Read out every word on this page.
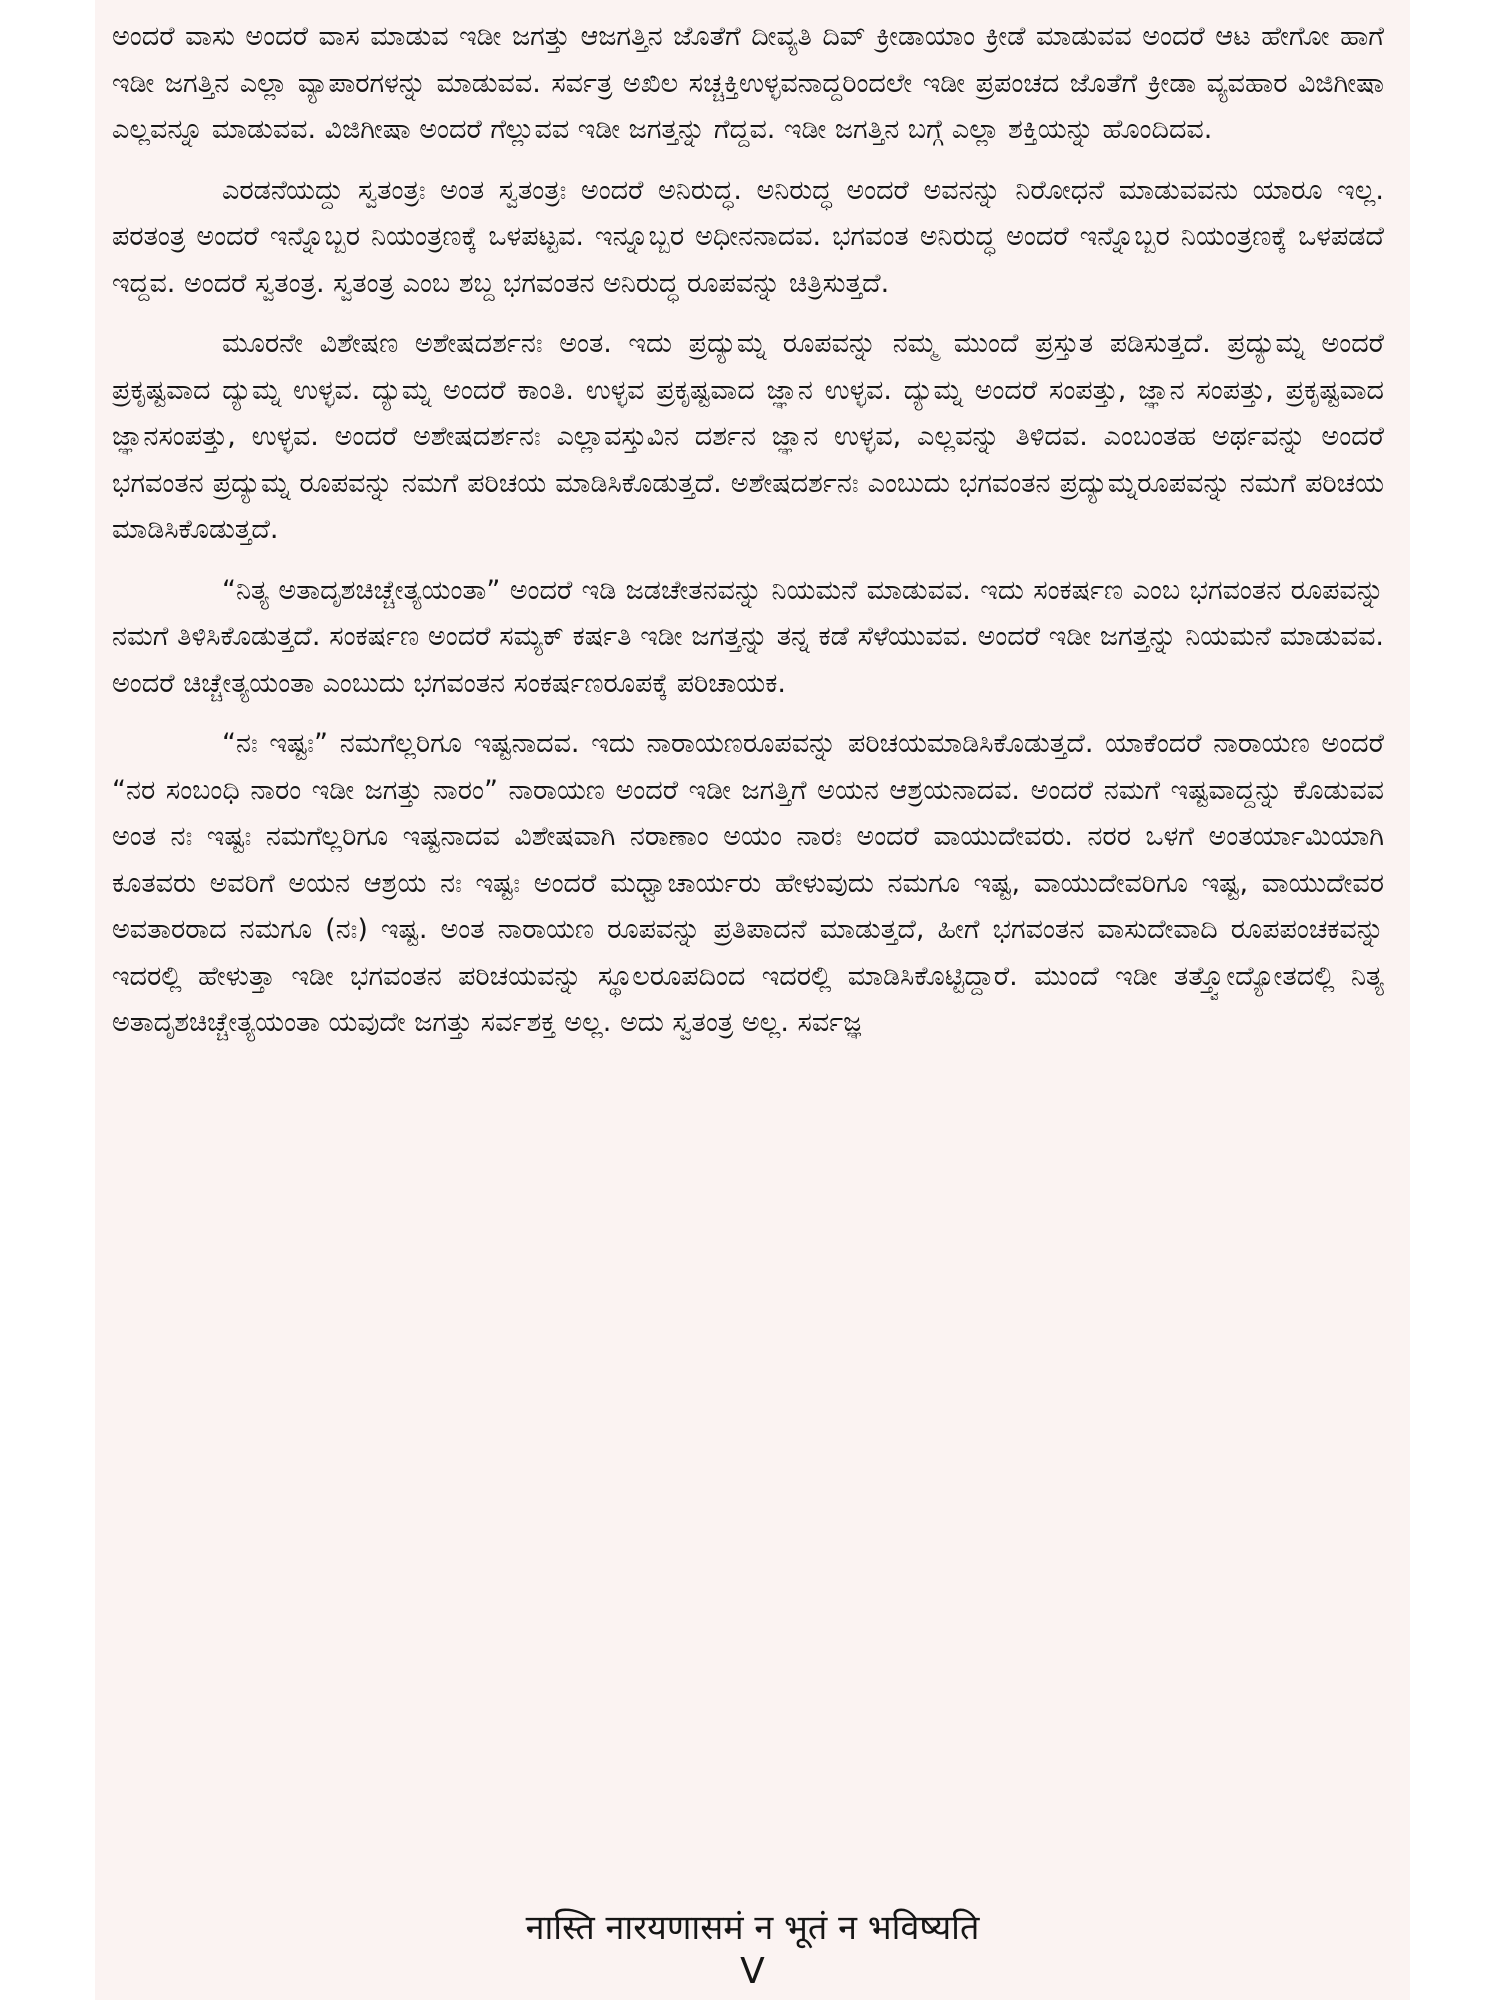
ಅಂದರೆ ವಾಸು ಅಂದರೆ ವಾಸ ಮಾಡುವ ಇಡೀ ಜಗತ್ತು ಆಜಗತ್ತಿನ ಜೊತೆಗೆ ದೀವ್ಯತಿ ದಿವ್ ಕ್ರೀಡಾಯಾಂ ಕ್ರೀಡೆ ಮಾಡುವವ ಅಂದರೆ ಆಟ ಹೇಗೋ ಹಾಗೆ ಇಡೀ ಜಗತ್ತಿನ ಎಲ್ಲಾ ವ್ಯಾಪಾರಗಳನ್ನು ಮಾಡುವವ. ಸರ್ವತ್ರ ಅಖಿಲ ಸಚ್ಚಕ್ತಿಉಳ್ಳವನಾದ್ದರಿಂದಲೇ ಇಡೀ ಪ್ರಪಂಚದ ಜೊತೆಗೆ ಕ್ರೀಡಾ ವ್ಯವಹಾರ ವಿಜಿಗೀಷಾ ಎಲ್ಲವನ್ನೂ ಮಾಡುವವ. ವಿಜಿಗೀಷಾ ಅಂದರೆ ಗೆಲ್ಲುವವ ಇಡೀ ಜಗತ್ತನ್ನು ಗೆದ್ದವ. ಇಡೀ ಜಗತ್ತಿನ ಬಗ್ಗೆ ಎಲ್ಲಾ ಶಕ್ತಿಯನ್ನು ಹೊಂದಿದವ.

ಎರಡನೆಯದ್ದು ಸ್ವತಂತ್ರಃ ಅಂತ ಸ್ವತಂತ್ರಃ ಅಂದರೆ ಅನಿರುದ್ಧ. ಅನಿರುದ್ಧ ಅಂದರೆ ಅವನನ್ನು ನಿರೋಧನೆ ಮಾಡುವವನು ಯಾರೂ ಇಲ್ಲ. ಪರತಂತ್ರ ಅಂದರೆ ಇನ್ನೊಬ್ಬರ ನಿಯಂತ್ರಣಕ್ಕೆ ಒಳಪಟ್ಟವ. ಇನ್ನೂಬ್ಬರ ಅಧೀನನಾದವ. ಭಗವಂತ ಅನಿರುದ್ಧ ಅಂದರೆ ಇನ್ನೊಬ್ಬರ ನಿಯಂತ್ರಣಕ್ಕೆ ಒಳಪಡದೆ ಇದ್ದವ. ಅಂದರೆ ಸ್ವತಂತ್ರ. ಸ್ವತಂತ್ರ ಎಂಬ ಶಬ್ದ ಭಗವಂತನ ಅನಿರುದ್ಧ ರೂಪವನ್ನು ಚಿತ್ರಿಸುತ್ತದೆ.

ಮೂರನೇ ವಿಶೇಷಣ ಅಶೇಷದರ್ಶನಃ ಅಂತ. ಇದು ಪ್ರದ್ಯುಮ್ನ ರೂಪವನ್ನು ನಮ್ಮ ಮುಂದೆ ಪ್ರಸ್ತುತ ಪಡಿಸುತ್ತದೆ. ಪ್ರದ್ಯುಮ್ನ ಅಂದರೆ ಪ್ರಕೃಷ್ಟವಾದ ದ್ಯುಮ್ನ ಉಳ್ಳವ. ದ್ಯುಮ್ನ ಅಂದರೆ ಕಾಂತಿ. ಉಳ್ಳವ ಪ್ರಕೃಷ್ಟವಾದ ಜ್ಞಾನ ಉಳ್ಳವ. ದ್ಯುಮ್ನ ಅಂದರೆ ಸಂಪತ್ತು, ಜ್ಞಾನ ಸಂಪತ್ತು, ಪ್ರಕೃಷ್ಟವಾದ ಜ್ಞಾನಸಂಪತ್ತು, ಉಳ್ಳವ. ಅಂದರೆ ಅಶೇಷದರ್ಶನಃ ಎಲ್ಲಾವಸ್ತುವಿನ ದರ್ಶನ ಜ್ಞಾನ ಉಳ್ಳವ, ಎಲ್ಲವನ್ನು ತಿಳಿದವ. ಎಂಬಂತಹ ಅರ್ಥವನ್ನು ಅಂದರೆ ಭಗವಂತನ ಪ್ರದ್ಯುಮ್ನ ರೂಪವನ್ನು ನಮಗೆ ಪರಿಚಯ ಮಾಡಿಸಿಕೊಡುತ್ತದೆ. ಅಶೇಷದರ್ಶನಃ ಎಂಬುದು ಭಗವಂತನ ಪ್ರದ್ಯುಮ್ನರೂಪವನ್ನು ನಮಗೆ ಪರಿಚಯ ಮಾಡಿಸಿಕೊಡುತ್ತದೆ.

“ನಿತ್ಯ ಅತಾದೃಶಚಿಚ್ಚೇತ್ಯಯಂತಾ” ಅಂದರೆ ಇಡಿ ಜಡಚೇತನವನ್ನು ನಿಯಮನೆ ಮಾಡುವವ. ಇದು ಸಂಕರ್ಷಣ ಎಂಬ ಭಗವಂತನ ರೂಪವನ್ನು ನಮಗೆ ತಿಳಿಸಿಕೊಡುತ್ತದೆ. ಸಂಕರ್ಷಣ ಅಂದರೆ ಸಮ್ಯಕ್ ಕರ್ಷತಿ ಇಡೀ ಜಗತ್ತನ್ನು ತನ್ನ ಕಡೆ ಸೆಳೆಯುವವ. ಅಂದರೆ ಇಡೀ ಜಗತ್ತನ್ನು ನಿಯಮನೆ ಮಾಡುವವ. ಅಂದರೆ ಚಿಚ್ಚೇತ್ಯಯಂತಾ ಎಂಬುದು ಭಗವಂತನ ಸಂಕರ್ಷಣರೂಪಕ್ಕೆ ಪರಿಚಾಯಕ.

“ನಃ ಇಷ್ಟಃ” ನಮಗೆಲ್ಲರಿಗೂ ಇಷ್ಟನಾದವ. ಇದು ನಾರಾಯಣರೂಪವನ್ನು ಪರಿಚಯಮಾಡಿಸಿಕೊಡುತ್ತದೆ. ಯಾಕೆಂದರೆ ನಾರಾಯಣ ಅಂದರೆ “ನರ ಸಂಬಂಧಿ ನಾರಂ ಇಡೀ ಜಗತ್ತು ನಾರಂ” ನಾರಾಯಣ ಅಂದರೆ ಇಡೀ ಜಗತ್ತಿಗೆ ಅಯನ ಆಶ್ರಯನಾದವ. ಅಂದರೆ ನಮಗೆ ಇಷ್ಟವಾದ್ದನ್ನು ಕೊಡುವವ ಅಂತ ನಃ ಇಷ್ಟಃ ನಮಗೆಲ್ಲರಿಗೂ ಇಷ್ಟನಾದವ ವಿಶೇಷವಾಗಿ ನರಾಣಾಂ ಅಯಂ ನಾರಃ ಅಂದರೆ ವಾಯುದೇವರು. ನರರ ಒಳಗೆ ಅಂತರ್ಯಾಮಿಯಾಗಿ ಕೂತವರು ಅವರಿಗೆ ಅಯನ ಆಶ್ರಯ ನಃ ಇಷ್ಟಃ ಅಂದರೆ ಮಧ್ವಾಚಾರ್ಯರು ಹೇಳುವುದು ನಮಗೂ ಇಷ್ಟ, ವಾಯುದೇವರಿಗೂ ಇಷ್ಟ, ವಾಯುದೇವರ ಅವತಾರರಾದ ನಮಗೂ (ನಃ) ಇಷ್ಟ. ಅಂತ ನಾರಾಯಣ ರೂಪವನ್ನು ಪ್ರತಿಪಾದನೆ ಮಾಡುತ್ತದೆ, ಹೀಗೆ ಭಗವಂತನ ವಾಸುದೇವಾದಿ ರೂಪಪಂಚಕವನ್ನು ಇದರಲ್ಲಿ ಹೇಳುತ್ತಾ ಇಡೀ ಭಗವಂತನ ಪರಿಚಯವನ್ನು ಸ್ಥೂಲರೂಪದಿಂದ ಇದರಲ್ಲಿ ಮಾಡಿಸಿಕೊಟ್ಟಿದ್ದಾರೆ. ಮುಂದೆ ಇಡೀ ತತ್ತ್ವೋದ್ಯೋತದಲ್ಲಿ ನಿತ್ಯ ಅತಾದೃಶಚಿಚ್ಚೇತ್ಯಯಂತಾ ಯವುದೇ ಜಗತ್ತು ಸರ್ವಶಕ್ತ ಅಲ್ಲ. ಅದು ಸ್ವತಂತ್ರ ಅಲ್ಲ. ಸರ್ವಜ್ಞ

नास्ति नारयणासमं न भूतं न भविष्यति
V
